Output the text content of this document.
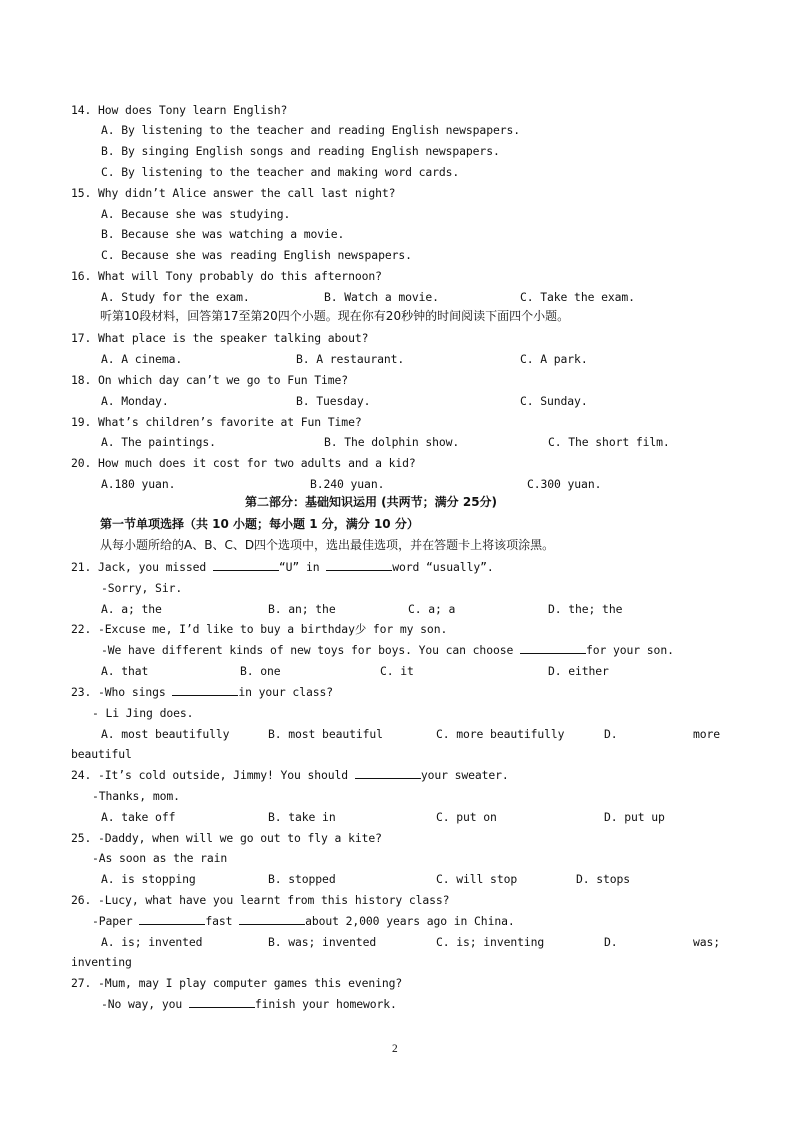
14. How does Tony learn English?
A. By listening to the teacher and reading English newspapers.
B. By singing English songs and reading English newspapers.
C. By listening to the teacher and making word cards.
15. Why didn’t Alice answer the call last night?
A. Because she was studying.
B. Because she was watching a movie.
C. Because she was reading English newspapers.
16. What will Tony probably do this afternoon?
A. Study for the exam.	B. Watch a movie.	C. Take the exam.
听第10段材料，回答第17至第20四个小题。现在你有20秒钟的时间阅读下面四个小题。
17. What place is the speaker talking about?
A. A cinema.	B. A restaurant.	C. A park.
18. On which day can’t we go to Fun Time?
A. Monday.	B. Tuesday.	C. Sunday.
19. What’s children’s favorite at Fun Time?
A. The paintings.	B. The dolphin show.	C. The short film.
20. How much does it cost for two adults and a kid?
A.180 yuan.	B.240 yuan.	C.300 yuan.
第二部分：基础知识运用 (共两节；满分 25分)
第一节单项选择（共 10 小题；每小题 1 分，满分 10 分）
从每小题所给的A、B、C、D四个选项中，选出最佳选项，并在答题卡上将该项涂黑。
21. Jack, you missed	“U” in	word “usually”.
-Sorry, Sir.
A. a; the	B. an; the	C. a; a	D. the; the
22. -Excuse me, I’d like to buy a birthday少 for my son.
-We have different kinds of new toys for boys. You can choose	for your son.
A. that	B. one	C. it	D. either
23. -Who sings	in your class?
- Li Jing does.
A. most beautifully	B. most beautiful	C. more beautifully	D.	more
beautiful
24. -It’s cold outside, Jimmy! You should	your sweater.
-Thanks, mom.
A. take off	B. take in	C. put on	D. put up
25. -Daddy, when will we go out to fly a kite?
-As soon as the rain
A. is stopping	B. stopped	C. will stop	D. stops
26. -Lucy, what have you learnt from this history class?
-Paper	fast	about 2,000 years ago in China.
A. is; invented	B. was; invented	C. is; inventing	D.	was;
inventing
27. -Mum, may I play computer games this evening?
-No way, you	finish your homework.
2
